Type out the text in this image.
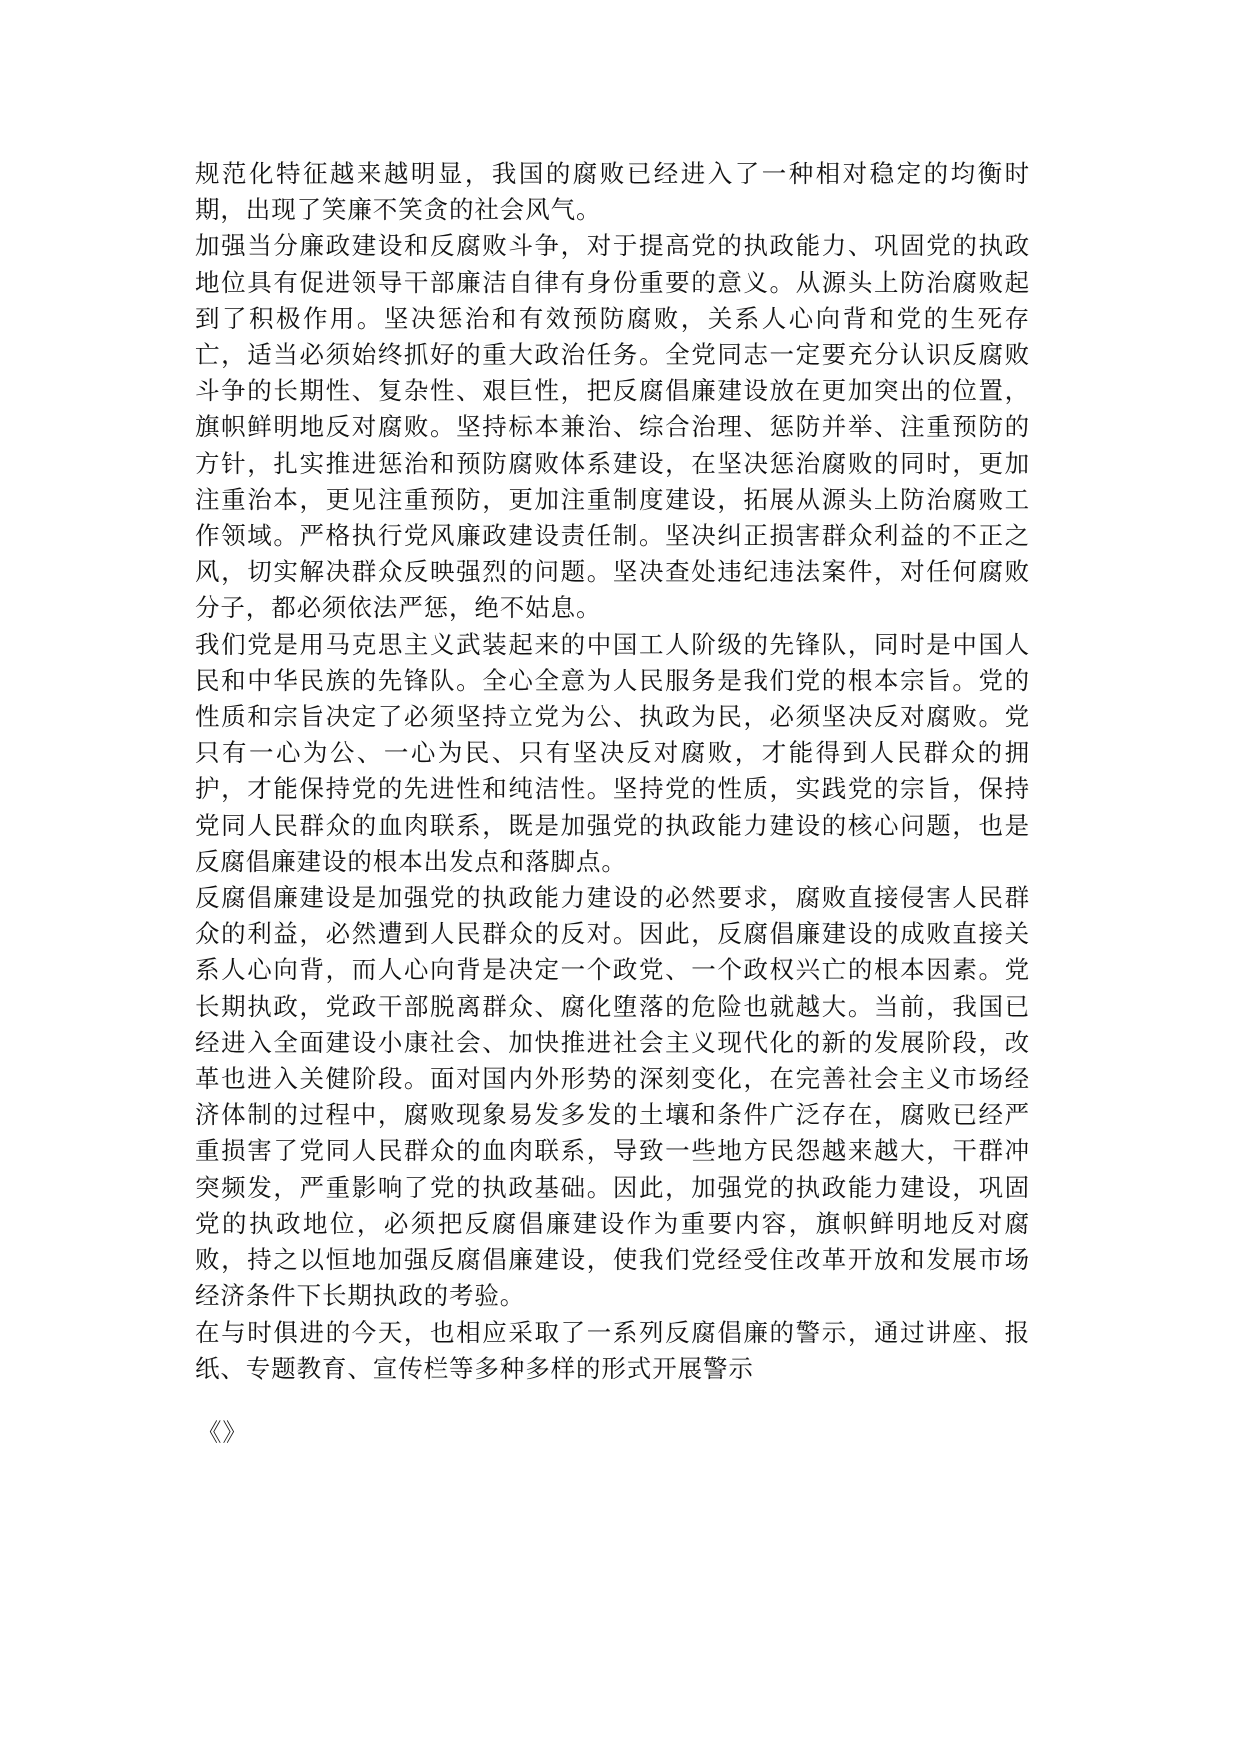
规范化特征越来越明显，我国的腐败已经进入了一种相对稳定的均衡时期，出现了笑廉不笑贪的社会风气。

加强当分廉政建设和反腐败斗争，对于提高党的执政能力、巩固党的执政地位具有促进领导干部廉洁自律有身份重要的意义。从源头上防治腐败起到了积极作用。坚决惩治和有效预防腐败，关系人心向背和党的生死存亡，适当必须始终抓好的重大政治任务。全党同志一定要充分认识反腐败斗争的长期性、复杂性、艰巨性，把反腐倡廉建设放在更加突出的位置，旗帜鲜明地反对腐败。坚持标本兼治、综合治理、惩防并举、注重预防的方针，扎实推进惩治和预防腐败体系建设，在坚决惩治腐败的同时，更加注重治本，更见注重预防，更加注重制度建设，拓展从源头上防治腐败工作领域。严格执行党风廉政建设责任制。坚决纠正损害群众利益的不正之风，切实解决群众反映强烈的问题。坚决查处违纪违法案件，对任何腐败分子，都必须依法严惩，绝不姑息。

我们党是用马克思主义武装起来的中国工人阶级的先锋队，同时是中国人民和中华民族的先锋队。全心全意为人民服务是我们党的根本宗旨。党的性质和宗旨决定了必须坚持立党为公、执政为民，必须坚决反对腐败。党只有一心为公、一心为民、只有坚决反对腐败，才能得到人民群众的拥护，才能保持党的先进性和纯洁性。坚持党的性质，实践党的宗旨，保持党同人民群众的血肉联系，既是加强党的执政能力建设的核心问题，也是反腐倡廉建设的根本出发点和落脚点。

反腐倡廉建设是加强党的执政能力建设的必然要求，腐败直接侵害人民群众的利益，必然遭到人民群众的反对。因此，反腐倡廉建设的成败直接关系人心向背，而人心向背是决定一个政党、一个政权兴亡的根本因素。党长期执政，党政干部脱离群众、腐化堕落的危险也就越大。当前，我国已经进入全面建设小康社会、加快推进社会主义现代化的新的发展阶段，改革也进入关健阶段。面对国内外形势的深刻变化，在完善社会主义市场经济体制的过程中，腐败现象易发多发的土壤和条件广泛存在，腐败已经严重损害了党同人民群众的血肉联系，导致一些地方民怨越来越大，干群冲突频发，严重影响了党的执政基础。因此，加强党的执政能力建设，巩固党的执政地位，必须把反腐倡廉建设作为重要内容，旗帜鲜明地反对腐败，持之以恒地加强反腐倡廉建设，使我们党经受住改革开放和发展市场经济条件下长期执政的考验。

在与时俱进的今天，也相应采取了一系列反腐倡廉的警示，通过讲座、报纸、专题教育、宣传栏等多种多样的形式开展警示

《》
